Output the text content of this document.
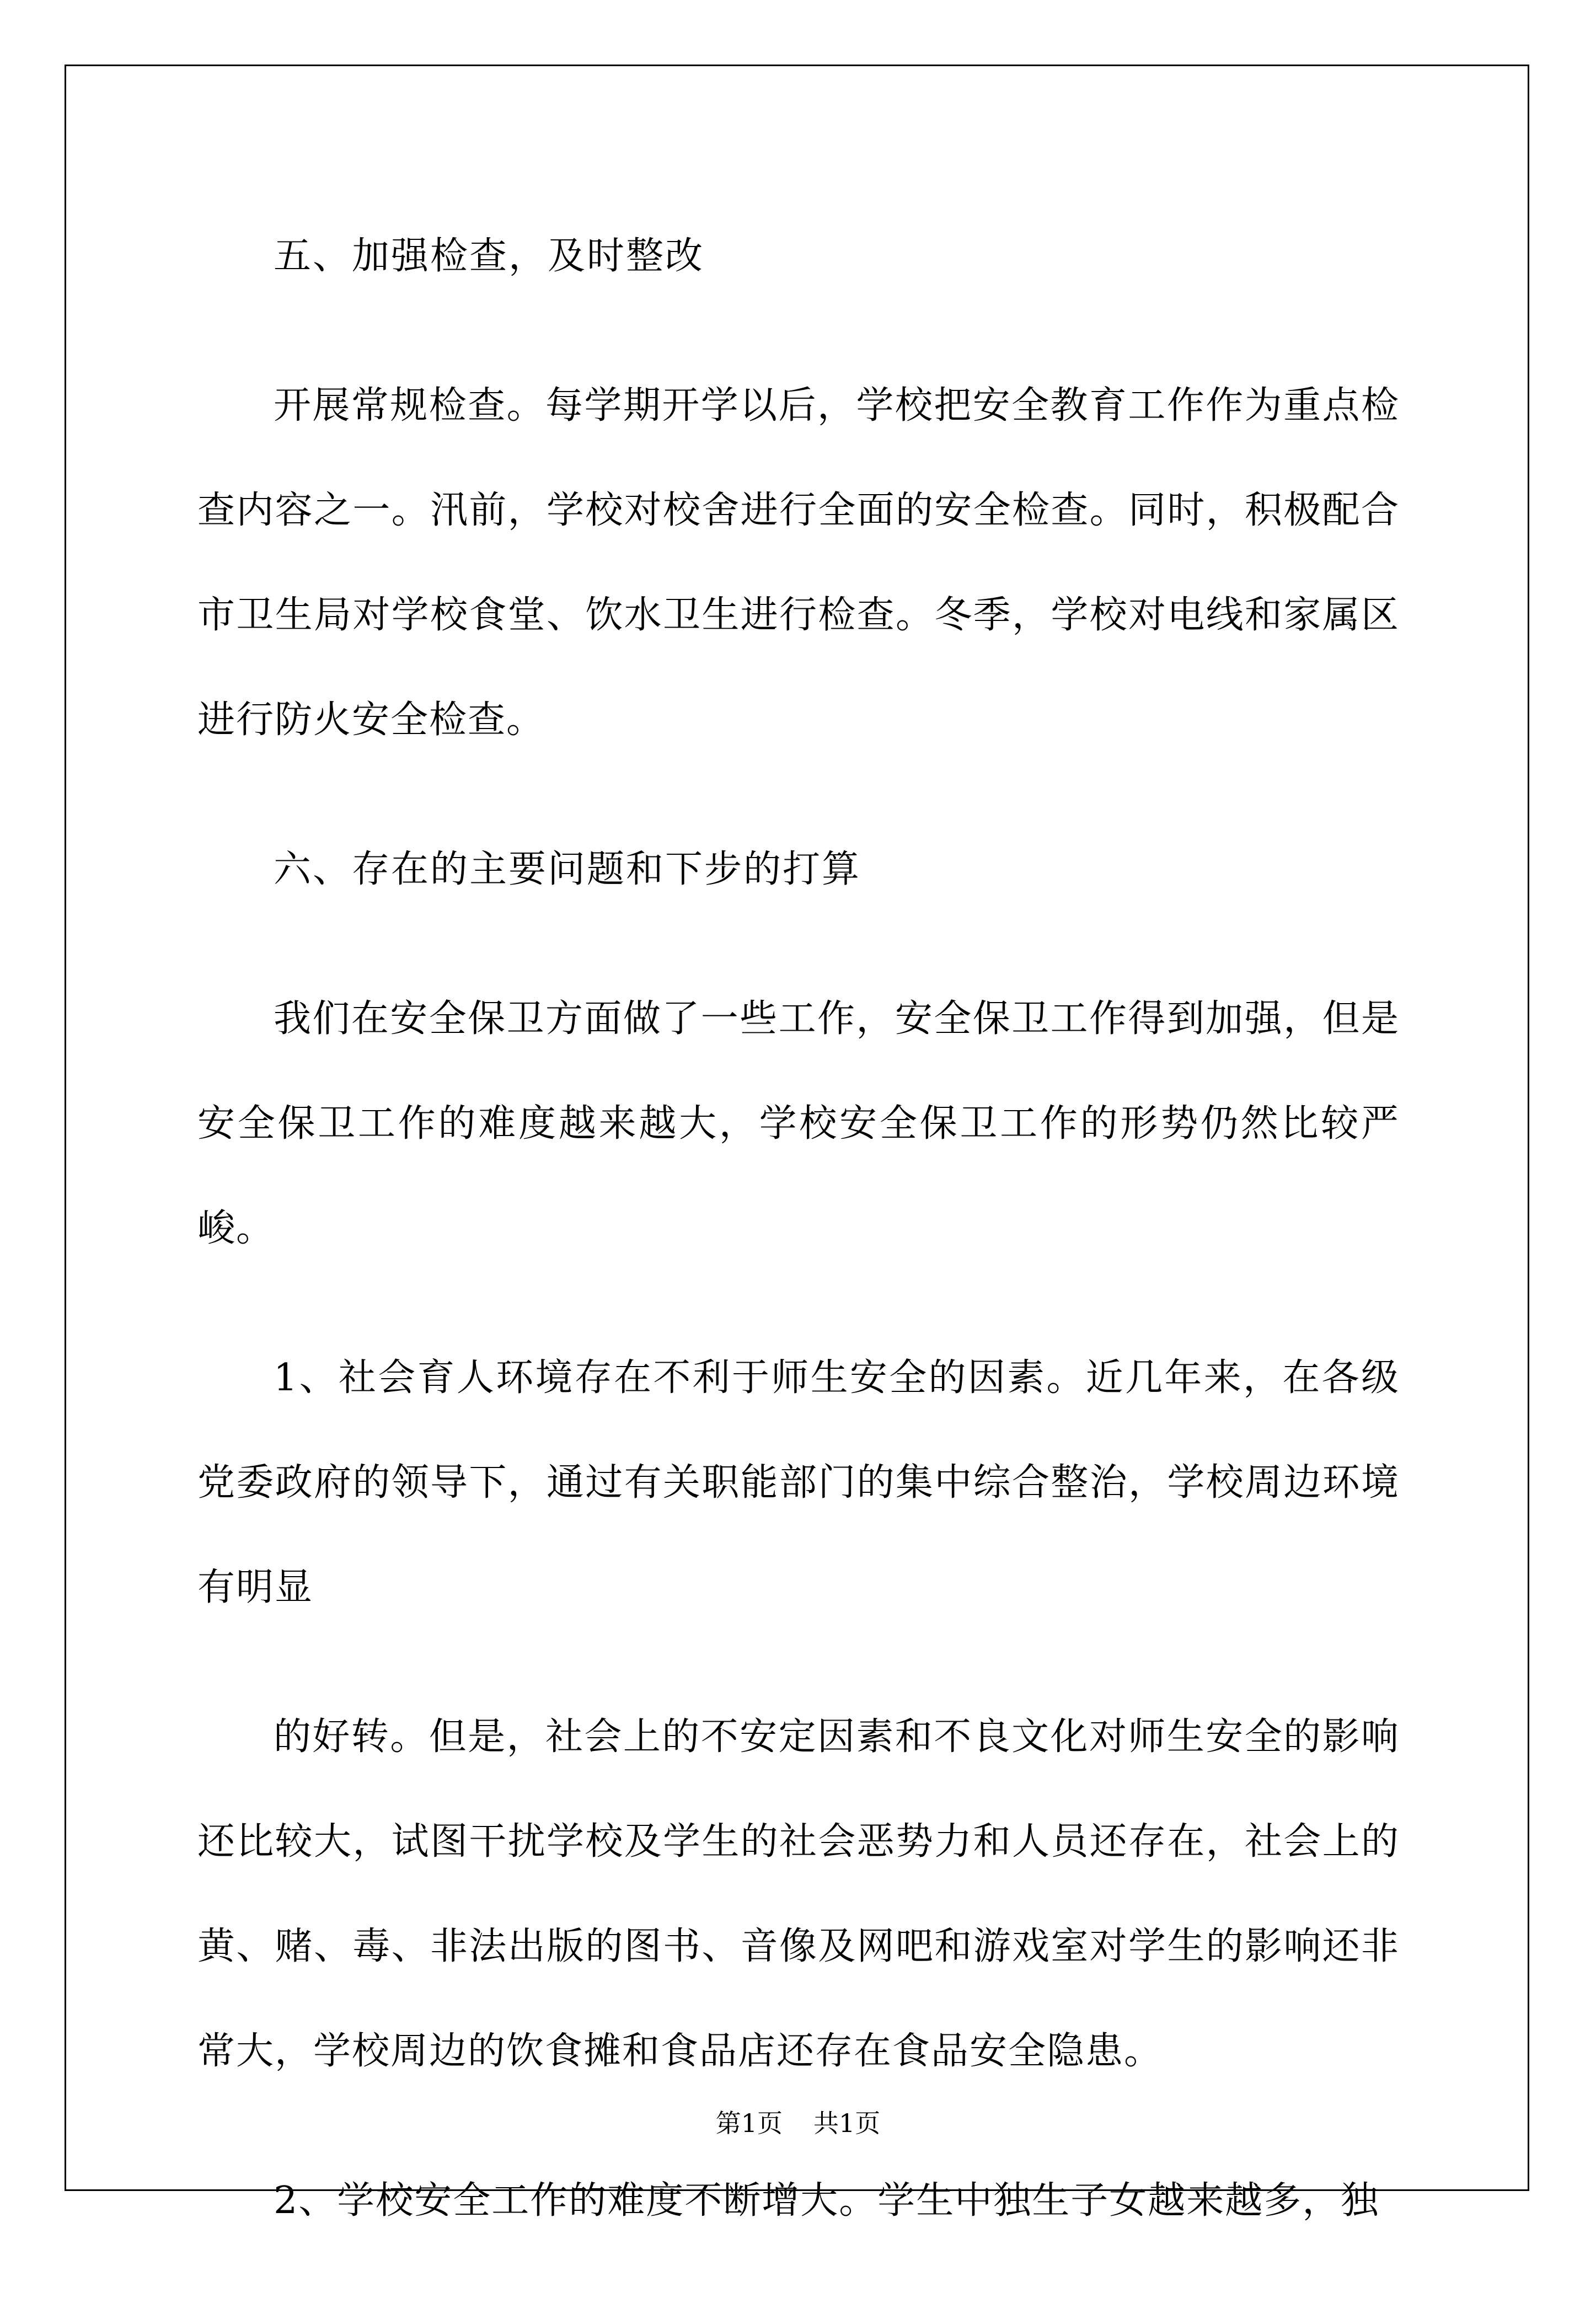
五、加强检查，及时整改

开展常规检查。每学期开学以后，学校把安全教育工作作为重点检查内容之一。汛前，学校对校舍进行全面的安全检查。同时，积极配合市卫生局对学校食堂、饮水卫生进行检查。冬季，学校对电线和家属区进行防火安全检查。

六、存在的主要问题和下步的打算

我们在安全保卫方面做了一些工作，安全保卫工作得到加强，但是安全保卫工作的难度越来越大，学校安全保卫工作的形势仍然比较严峻。

1、社会育人环境存在不利于师生安全的因素。近几年来，在各级党委政府的领导下，通过有关职能部门的集中综合整治，学校周边环境有明显

的好转。但是，社会上的不安定因素和不良文化对师生安全的影响还比较大，试图干扰学校及学生的社会恶势力和人员还存在，社会上的黄、赌、毒、非法出版的图书、音像及网吧和游戏室对学生的影响还非常大，学校周边的饮食摊和食品店还存在食品安全隐患。

2、学校安全工作的难度不断增大。学生中独生子女越来越多，独

第1页 共1页
